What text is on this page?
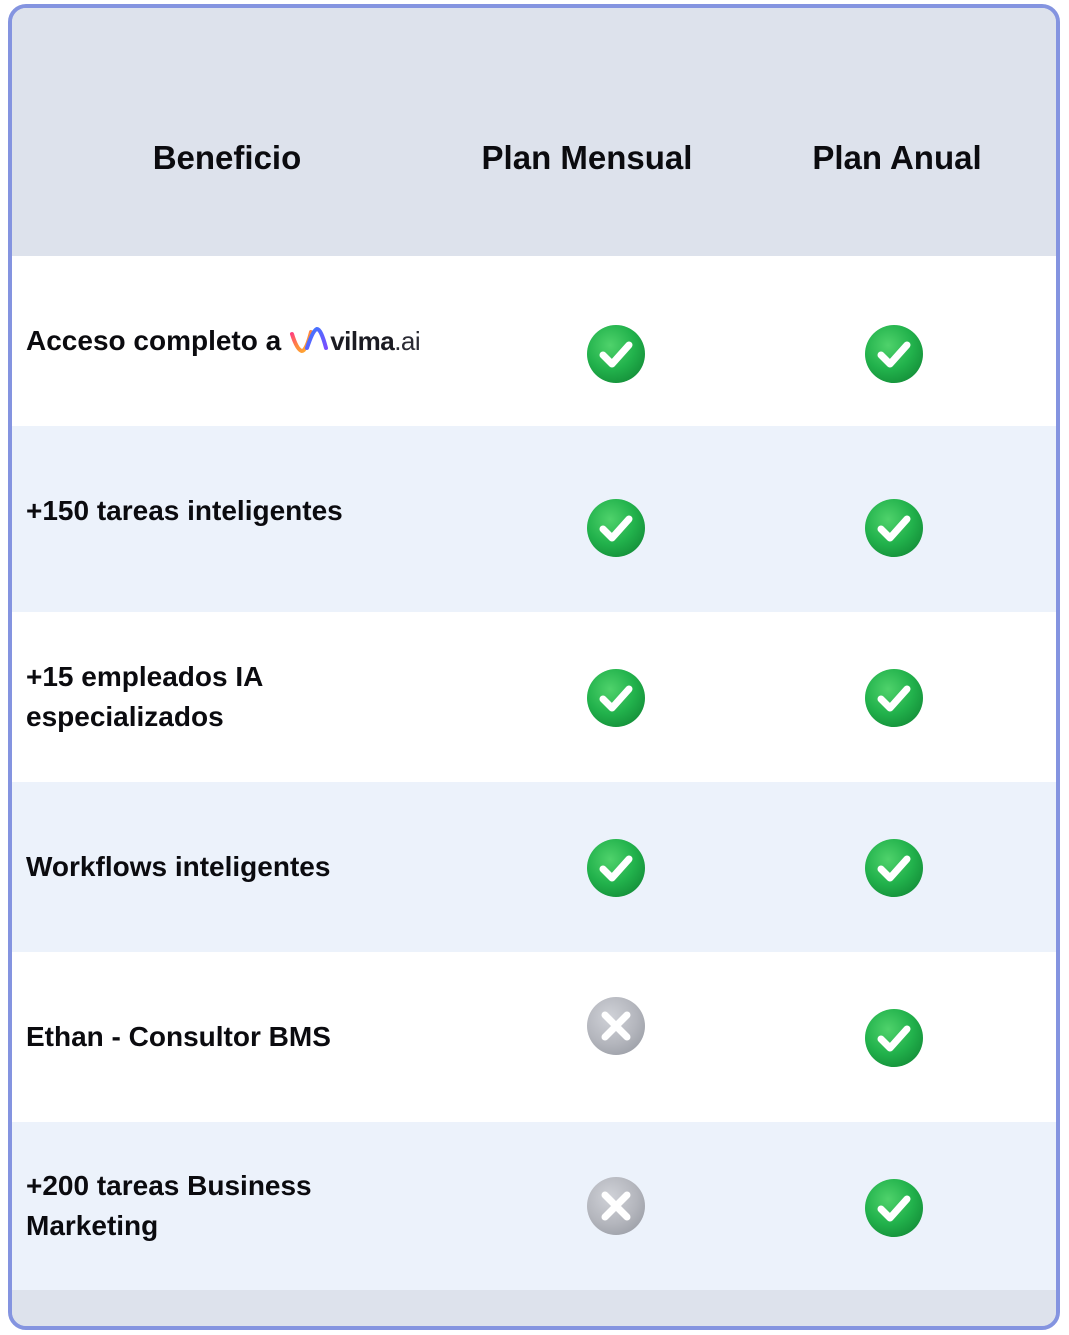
Beneficio	Plan Mensual	Plan Anual
Acceso completo a vilma.ai
+150 tareas inteligentes
+15 empleados IA especializados
Workflows inteligentes
Ethan - Consultor BMS
+200 tareas Business Marketing
